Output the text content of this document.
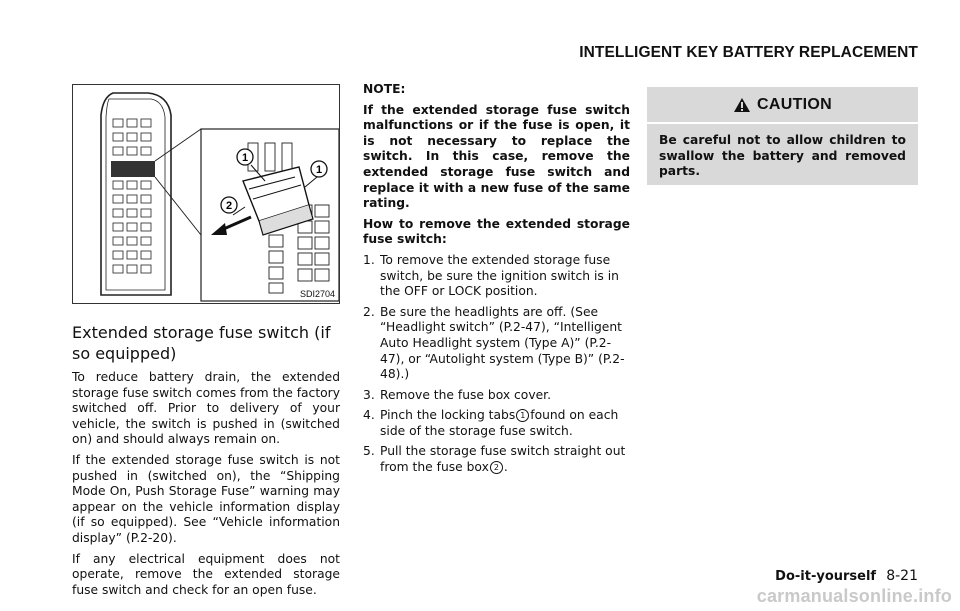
INTELLIGENT KEY BATTERY REPLACEMENT
1
1
2
SDI2704
Extended storage fuse switch (if so equipped)

To reduce battery drain, the extended storage fuse switch comes from the factory switched off. Prior to delivery of your vehicle, the switch is pushed in (switched on) and should always remain on.

If the extended storage fuse switch is not pushed in (switched on), the “Shipping Mode On, Push Storage Fuse” warning may appear on the vehicle information display (if so equipped). See “Vehicle information display” (P.2-20).

If any electrical equipment does not operate, remove the extended storage fuse switch and check for an open fuse.

NOTE:

If the extended storage fuse switch malfunctions or if the fuse is open, it is not necessary to replace the switch. In this case, remove the extended storage fuse switch and replace it with a new fuse of the same rating.

How to remove the extended storage fuse switch:

1. To remove the extended storage fuse switch, be sure the ignition switch is in the OFF or LOCK position.
2. Be sure the headlights are off. (See “Headlight switch” (P.2-47), “Intelligent Auto Headlight system (Type A)” (P.2-47), or “Autolight system (Type B)” (P.2-48).)
3. Remove the fuse box cover.
4. Pinch the locking tabs 1 found on each side of the storage fuse switch.
5. Pull the storage fuse switch straight out from the fuse box 2 .
CAUTION
Be careful not to allow children to swallow the battery and removed parts.
Do-it-yourself 8-21
carmanualsonline.info
